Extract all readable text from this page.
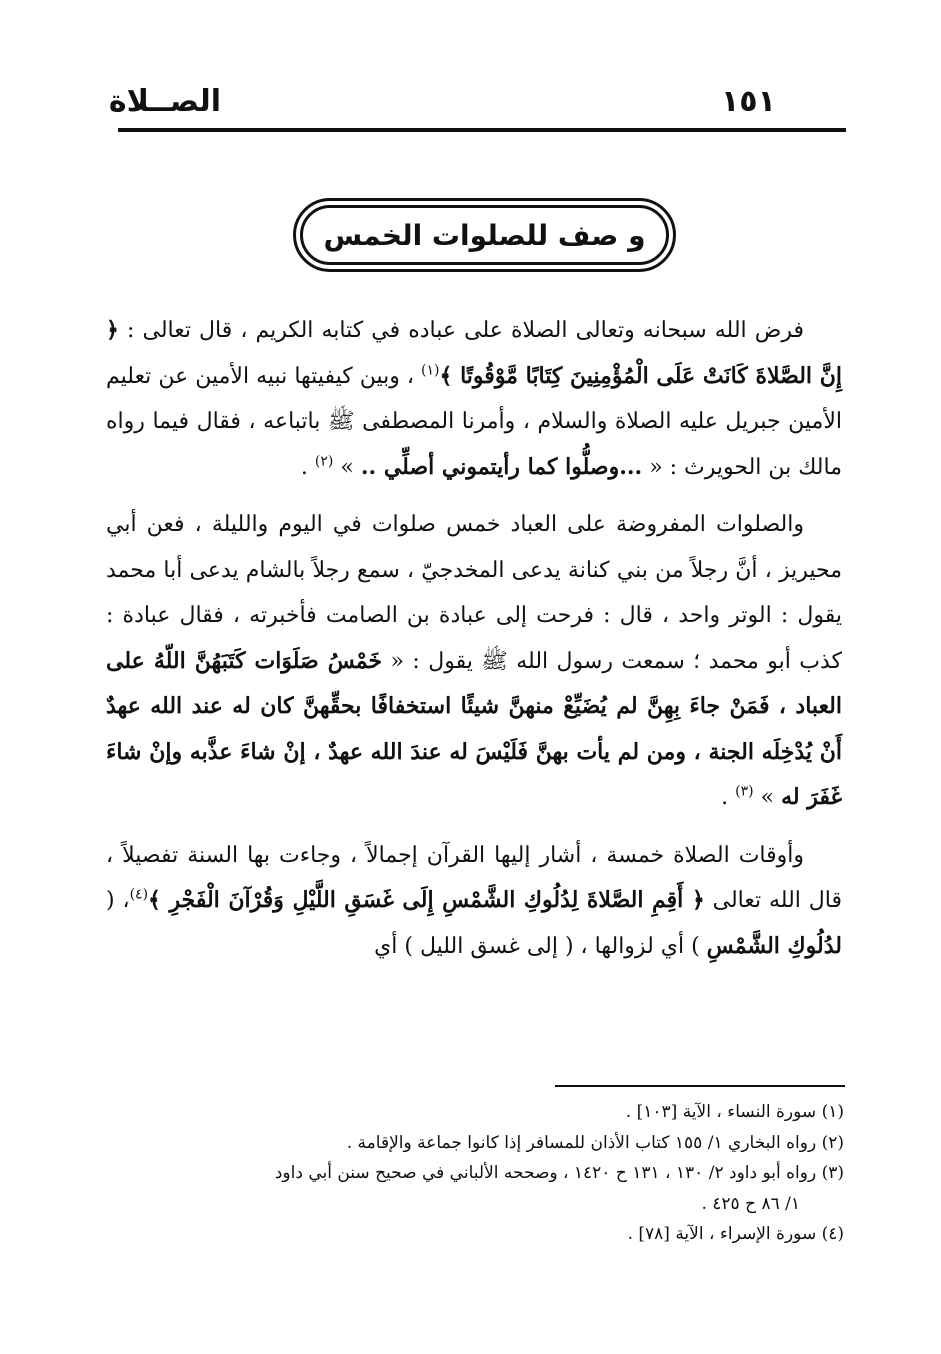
الصــلاة	١٥١
و صف للصلوات الخمس

فرض الله سبحانه وتعالى الصلاة على عباده في كتابه الكريم ، قال تعالى : ﴿ إِنَّ الصَّلاةَ كَانَتْ عَلَى الْمُؤْمِنِينَ كِتَابًا مَّوْقُوتًا ﴾$^{(١)}$ ، وبين كيفيتها نبيه الأمين عن تعليم الأمين جبريل عليه الصلاة والسلام ، وأمرنا المصطفى ﷺ باتباعه ، فقال فيما رواه مالك بن الحويرث : « ...وصلُّوا كما رأيتموني أصلِّي .. » $^{(٢)}$ .

والصلوات المفروضة على العباد خمس صلوات في اليوم والليلة ، فعن أبي محيريز ، أنَّ رجلاً من بني كنانة يدعى المخدجيّ ، سمع رجلاً بالشام يدعى أبا محمد يقول : الوتر واحد ، قال : فرحت إلى عبادة بن الصامت فأخبرته ، فقال عبادة : كذب أبو محمد ؛ سمعت رسول الله ﷺ يقول : « خَمْسُ صَلَوَات كَتَبَهُنَّ اللّهُ على العباد ، فَمَنْ جاءَ بِهِنَّ لم يُضَيِّعْ منهنَّ شيئًا استخفافًا بحقِّهنَّ كان له عند الله عهدٌ أَنْ يُدْخِلَه الجنة ، ومن لم يأت بهنَّ فَلَيْسَ له عندَ الله عهدٌ ، إنْ شاءَ عذَّبه وإنْ شاءَ غَفَرَ له » $^{(٣)}$ .

وأوقات الصلاة خمسة ، أشار إليها القرآن إجمالاً ، وجاءت بها السنة تفصيلاً ، قال الله تعالى ﴿ أَقِمِ الصَّلاةَ لِدُلُوكِ الشَّمْسِ إِلَى غَسَقِ اللَّيْلِ وَقُرْآنَ الْفَجْرِ ﴾$^{(٤)}$، ( لدُلُوكِ الشَّمْسِ ) أي لزوالها ، ( إلى غسق الليل ) أي

(١) سورة النساء ، الآية [١٠٣] .
(٢) رواه البخاري ١/ ١٥٥ كتاب الأذان للمسافر إذا كانوا جماعة والإقامة .
(٣) رواه أبو داود ٢/ ١٣٠ ، ١٣١ ح ١٤٢٠ ، وصححه الألباني في صحيح سنن أبي داود
١/ ٨٦ ح ٤٢٥ .
(٤) سورة الإسراء ، الآية [٧٨] .
